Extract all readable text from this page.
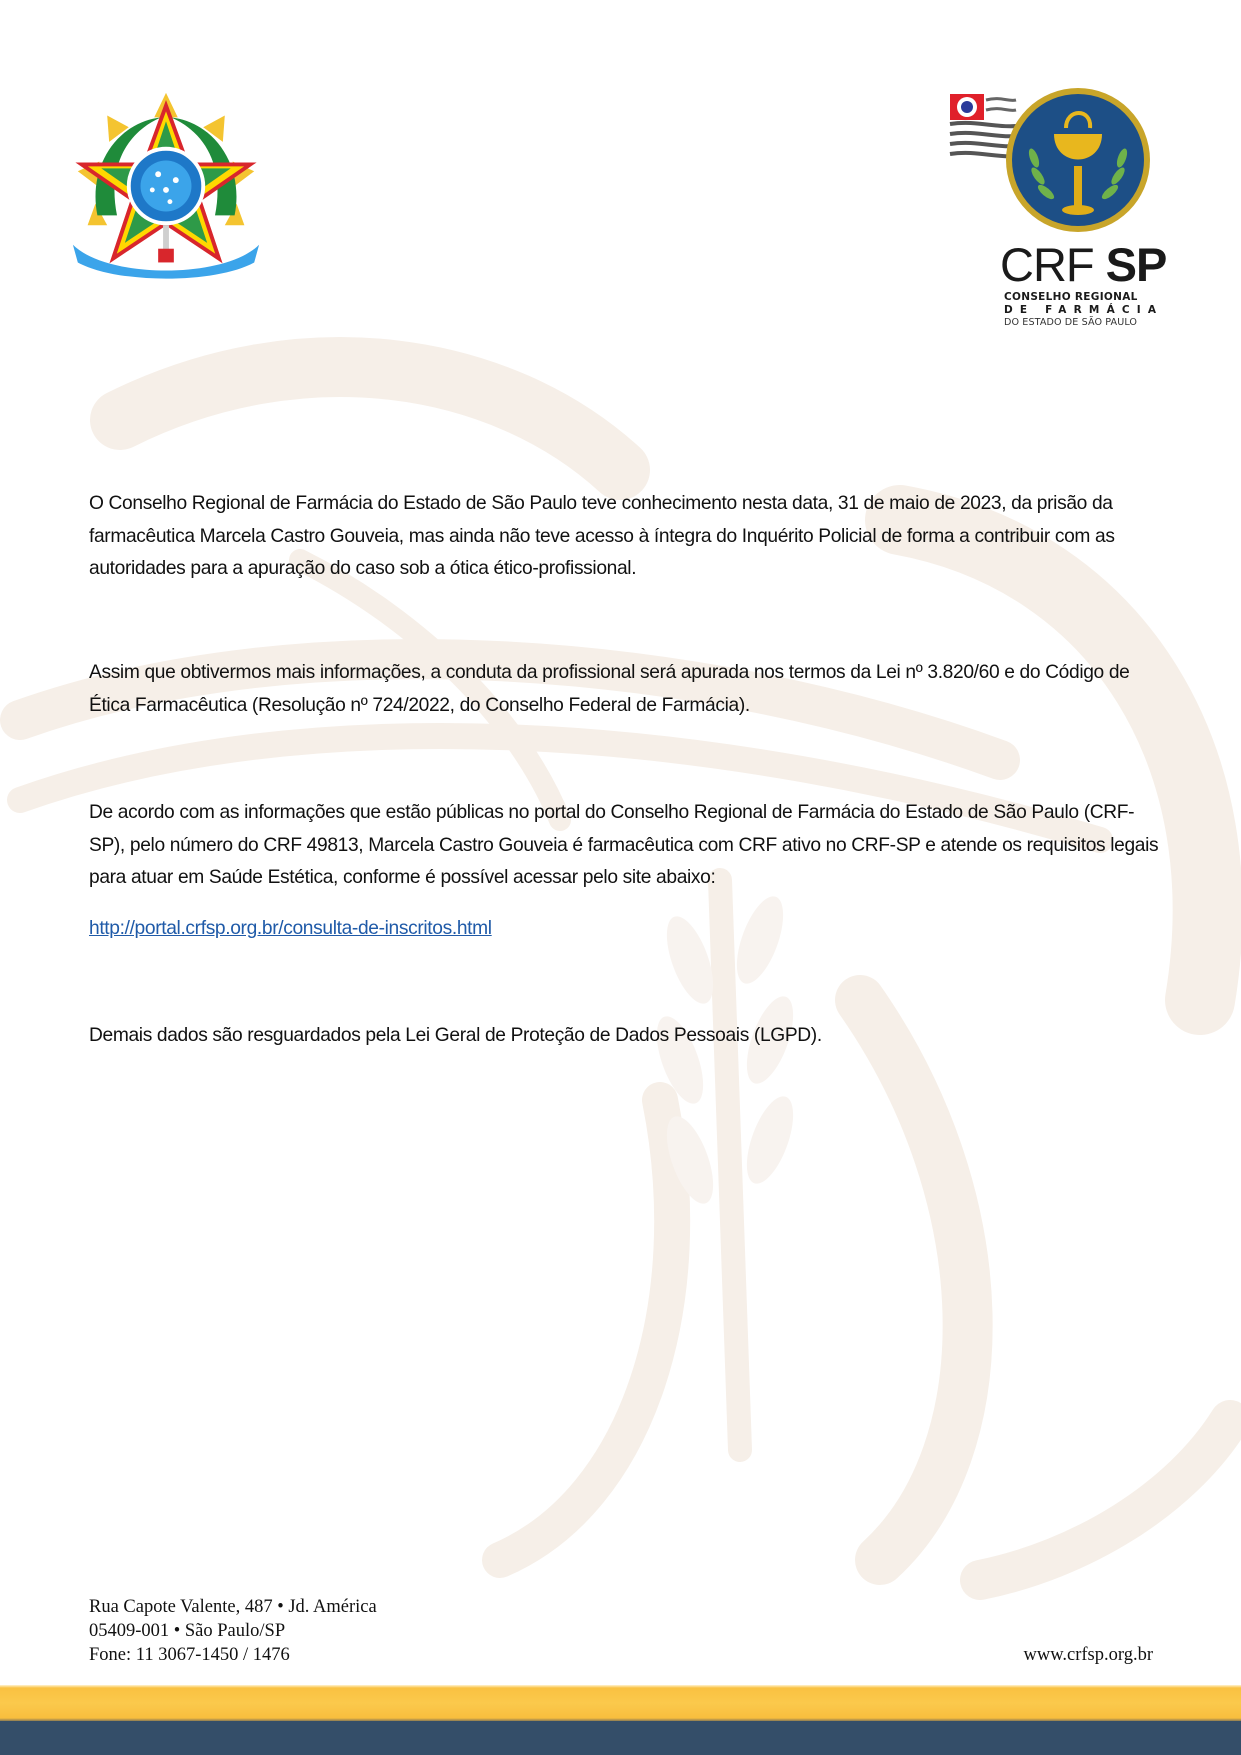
CRF SP
CONSELHO REGIONAL
DE FARMÁCIA
DO ESTADO DE SÃO PAULO
O Conselho Regional de Farmácia do Estado de São Paulo teve conhecimento nesta data, 31 de maio de 2023, da prisão da farmacêutica Marcela Castro Gouveia, mas ainda não teve acesso à íntegra do Inquérito Policial de forma a contribuir com as autoridades para a apuração do caso sob a ótica ético-profissional.
Assim que obtivermos mais informações, a conduta da profissional será apurada nos termos da Lei nº 3.820/60 e do Código de Ética Farmacêutica (Resolução nº 724/2022, do Conselho Federal de Farmácia).
De acordo com as informações que estão públicas no portal do Conselho Regional de Farmácia do Estado de São Paulo (CRF-SP), pelo número do CRF 49813, Marcela Castro Gouveia é farmacêutica com CRF ativo no CRF-SP e atende os requisitos legais para atuar em Saúde Estética, conforme é possível acessar pelo site abaixo:
http://portal.crfsp.org.br/consulta-de-inscritos.html
Demais dados são resguardados pela Lei Geral de Proteção de Dados Pessoais (LGPD).
Rua Capote Valente, 487 • Jd. América
05409-001 • São Paulo/SP
Fone: 11 3067-1450 / 1476	www.crfsp.org.br
